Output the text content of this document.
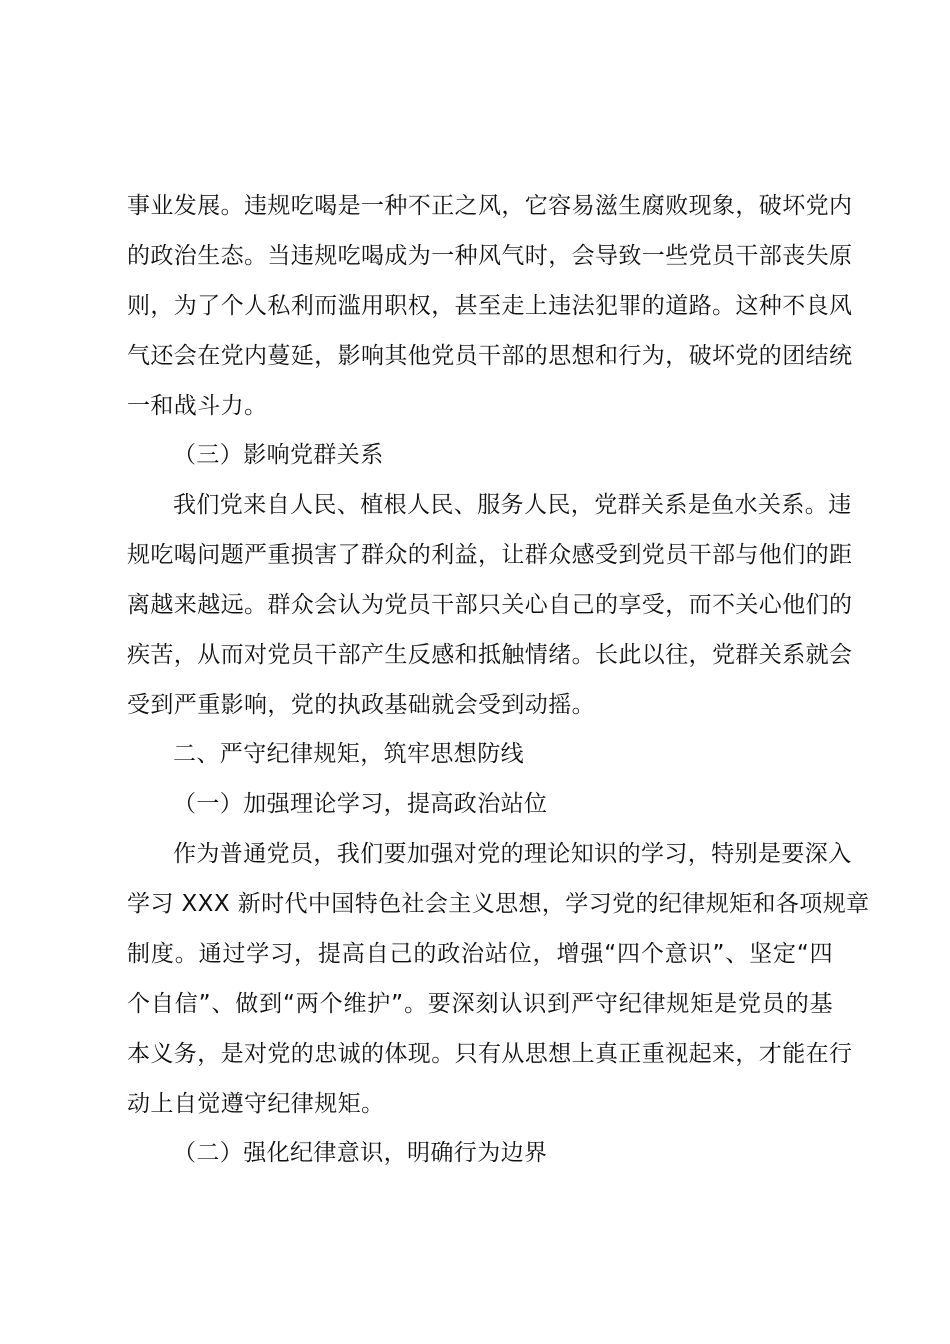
事业发展。违规吃喝是一种不正之风，它容易滋生腐败现象，破坏党内
的政治生态。当违规吃喝成为一种风气时，会导致一些党员干部丧失原
则，为了个人私利而滥用职权，甚至走上违法犯罪的道路。这种不良风
气还会在党内蔓延，影响其他党员干部的思想和行为，破坏党的团结统
一和战斗力。
（三）影响党群关系
我们党来自人民、植根人民、服务人民，党群关系是鱼水关系。违
规吃喝问题严重损害了群众的利益，让群众感受到党员干部与他们的距
离越来越远。群众会认为党员干部只关心自己的享受，而不关心他们的
疾苦，从而对党员干部产生反感和抵触情绪。长此以往，党群关系就会
受到严重影响，党的执政基础就会受到动摇。
二、严守纪律规矩，筑牢思想防线
（一）加强理论学习，提高政治站位
作为普通党员，我们要加强对党的理论知识的学习，特别是要深入
学习 XXX 新时代中国特色社会主义思想，学习党的纪律规矩和各项规章
制度。通过学习，提高自己的政治站位，增强“四个意识”、坚定“四
个自信”、做到“两个维护”。要深刻认识到严守纪律规矩是党员的基
本义务，是对党的忠诚的体现。只有从思想上真正重视起来，才能在行
动上自觉遵守纪律规矩。
（二）强化纪律意识，明确行为边界
